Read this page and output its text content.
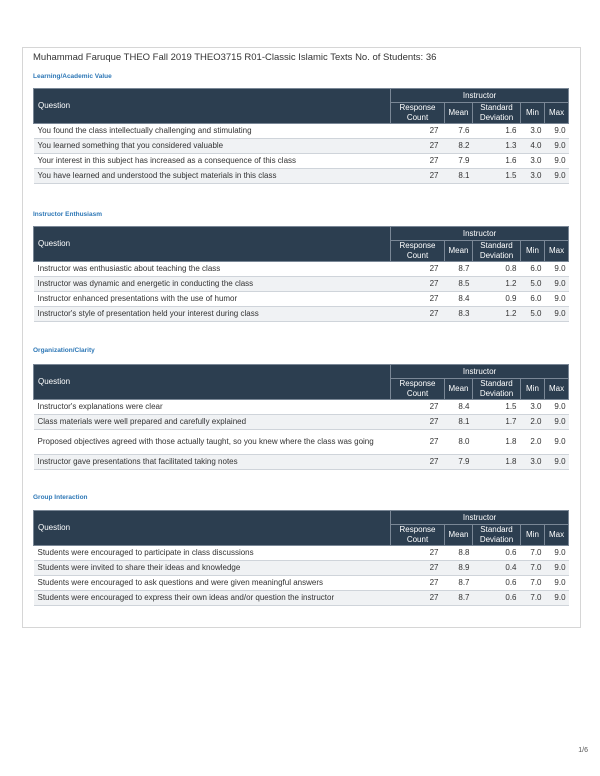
Muhammad Faruque THEO Fall 2019 THEO3715 R01-Classic Islamic Texts No. of Students: 36
Learning/Academic Value
Question	Instructor				
	Response Count	Mean	Standard Deviation	Min	Max
You found the class intellectually challenging and stimulating	27	7.6	1.6	3.0	9.0
You learned something that you considered valuable	27	8.2	1.3	4.0	9.0
Your interest in this subject has increased as a consequence of this class	27	7.9	1.6	3.0	9.0
You have learned and understood the subject materials in this class	27	8.1	1.5	3.0	9.0
Instructor Enthusiasm
Question	Instructor				
	Response Count	Mean	Standard Deviation	Min	Max
Instructor was enthusiastic about teaching the class	27	8.7	0.8	6.0	9.0
Instructor was dynamic and energetic in conducting the class	27	8.5	1.2	5.0	9.0
Instructor enhanced presentations with the use of humor	27	8.4	0.9	6.0	9.0
Instructor's style of presentation held your interest during class	27	8.3	1.2	5.0	9.0
Organization/Clarity
Question	Instructor				
	Response Count	Mean	Standard Deviation	Min	Max
Instructor's explanations were clear	27	8.4	1.5	3.0	9.0
Class materials were well prepared and carefully explained	27	8.1	1.7	2.0	9.0
Proposed objectives agreed with those actually taught, so you knew where the class was going	27	8.0	1.8	2.0	9.0
Instructor gave presentations that facilitated taking notes	27	7.9	1.8	3.0	9.0
Group Interaction
Question	Instructor				
	Response Count	Mean	Standard Deviation	Min	Max
Students were encouraged to participate in class discussions	27	8.8	0.6	7.0	9.0
Students were invited to share their ideas and knowledge	27	8.9	0.4	7.0	9.0
Students were encouraged to ask questions and were given meaningful answers	27	8.7	0.6	7.0	9.0
Students were encouraged to express their own ideas and/or question the instructor	27	8.7	0.6	7.0	9.0
1/6
